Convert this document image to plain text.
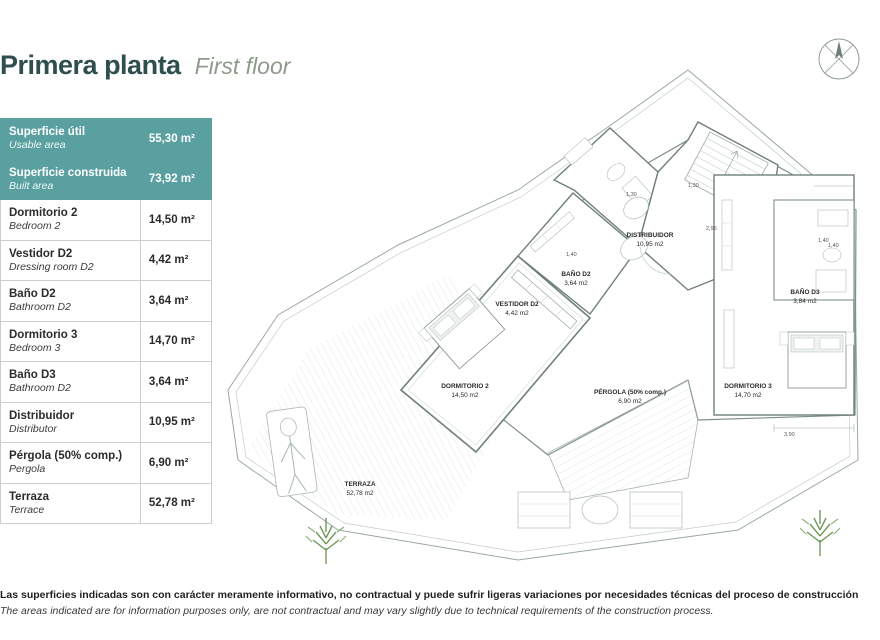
Primera planta First floor
Superficie útil
Usable area	55,30 m²

Superficie construida
Built area	73,92 m²

Dormitorio 2
Bedroom 2	14,50 m²

Vestidor D2
Dressing room D2	4,42 m²

Baño D2
Bathroom D2	3,64 m²

Dormitorio 3
Bedroom 3	14,70 m²

Baño D3
Bathroom D2	3,64 m²

Distribuidor
Distributor	10,95 m²

Pérgola (50% comp.)
Pergola	6,90 m²

Terraza
Terrace	52,78 m²
DISTRIBUIDOR
10,95 m2
BAÑO D2
3,64 m2
BAÑO D3
3,84 m2
VESTIDOR D2
4,42 m2
DORMITORIO 2
14,50 m2
DORMITORIO 3
14,70 m2
PÉRGOLA (50% comp.)
6,90 m2
TERRAZA
52,78 m2
1,40
1,30
1,30
2,95
1,40
1,40
3,90
Las superficies indicadas son con carácter meramente informativo, no contractual y puede sufrir ligeras variaciones por necesidades técnicas del proceso de construcción
The areas indicated are for information purposes only, are not contractual and may vary slightly due to technical requirements of the construction process.
